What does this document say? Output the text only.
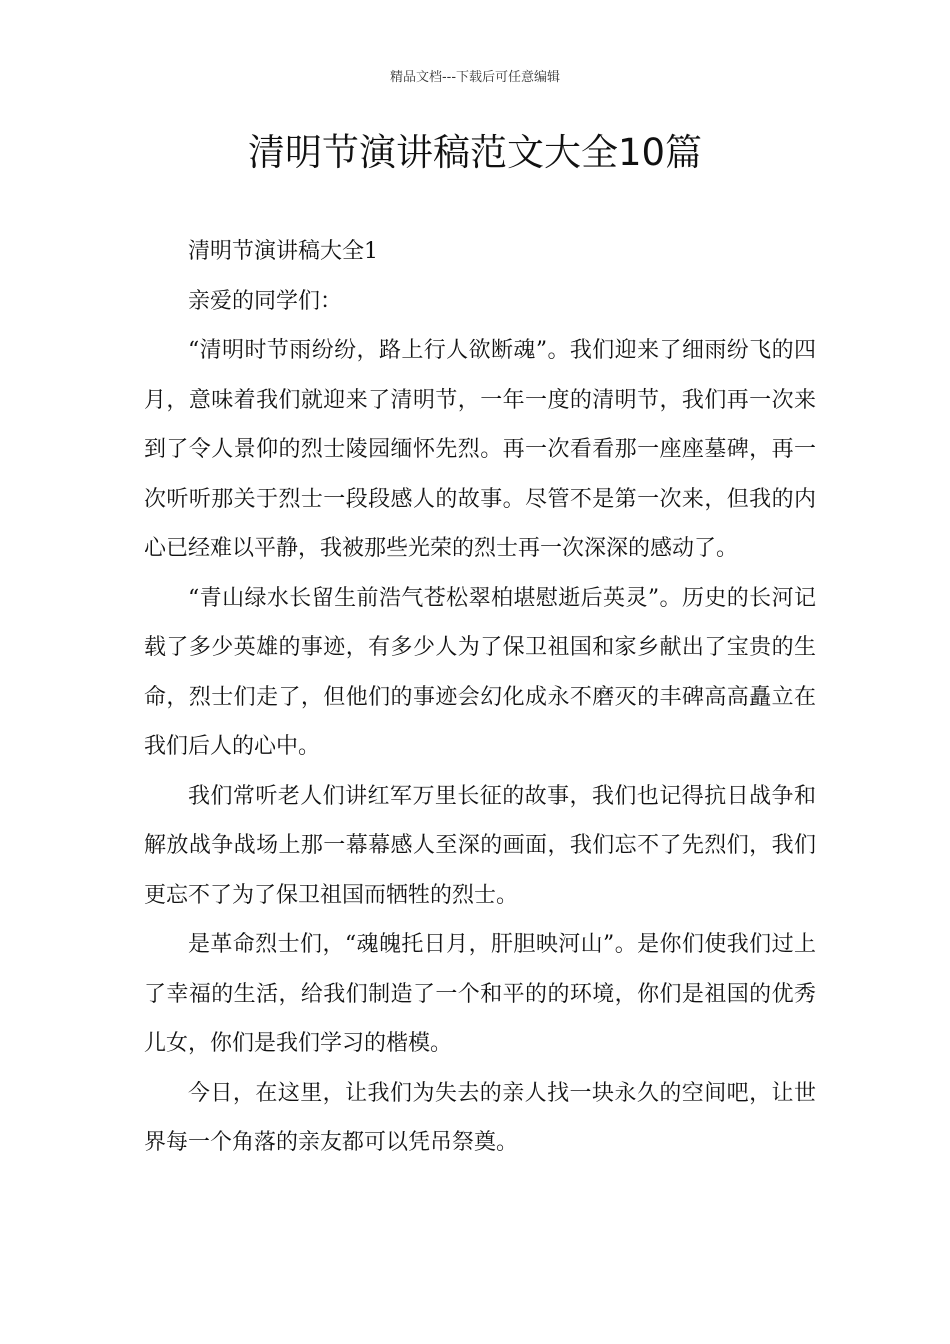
精品文档---下载后可任意编辑
清明节演讲稿范文大全10篇

清明节演讲稿大全1

亲爱的同学们：

“清明时节雨纷纷，路上行人欲断魂”。我们迎来了细雨纷飞的四月，意味着我们就迎来了清明节，一年一度的清明节，我们再一次来到了令人景仰的烈士陵园缅怀先烈。再一次看看那一座座墓碑，再一次听听那关于烈士一段段感人的故事。尽管不是第一次来，但我的内心已经难以平静，我被那些光荣的烈士再一次深深的感动了。

“青山绿水长留生前浩气苍松翠柏堪慰逝后英灵”。历史的长河记载了多少英雄的事迹，有多少人为了保卫祖国和家乡献出了宝贵的生命，烈士们走了，但他们的事迹会幻化成永不磨灭的丰碑高高矗立在我们后人的心中。

我们常听老人们讲红军万里长征的故事，我们也记得抗日战争和解放战争战场上那一幕幕感人至深的画面，我们忘不了先烈们，我们更忘不了为了保卫祖国而牺牲的烈士。

是革命烈士们，“魂魄托日月，肝胆映河山”。是你们使我们过上了幸福的生活，给我们制造了一个和平的的环境，你们是祖国的优秀儿女，你们是我们学习的楷模。

今日，在这里，让我们为失去的亲人找一块永久的空间吧，让世界每一个角落的亲友都可以凭吊祭奠。
